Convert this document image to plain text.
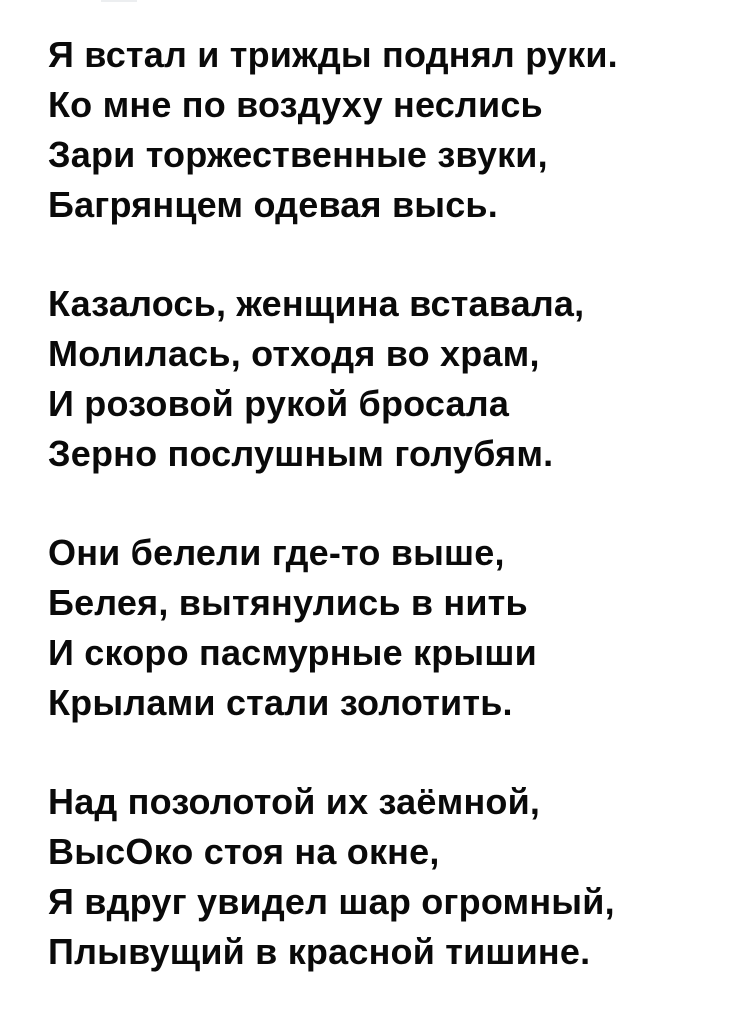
Я встал и трижды поднял руки.

Ко мне по воздуху неслись

Зари торжественные звуки,

Багрянцем одевая высь.

Казалось, женщина вставала,

Молилась, отходя во храм,

И розовой рукой бросала

Зерно послушным голубям.

Они белели где-то выше,

Белея, вытянулись в нить

И скоро пасмурные крыши

Крылами стали золотить.

Над позолотой их заёмной,

ВысОко стоя на окне,

Я вдруг увидел шар огромный,

Плывущий в красной тишине.
